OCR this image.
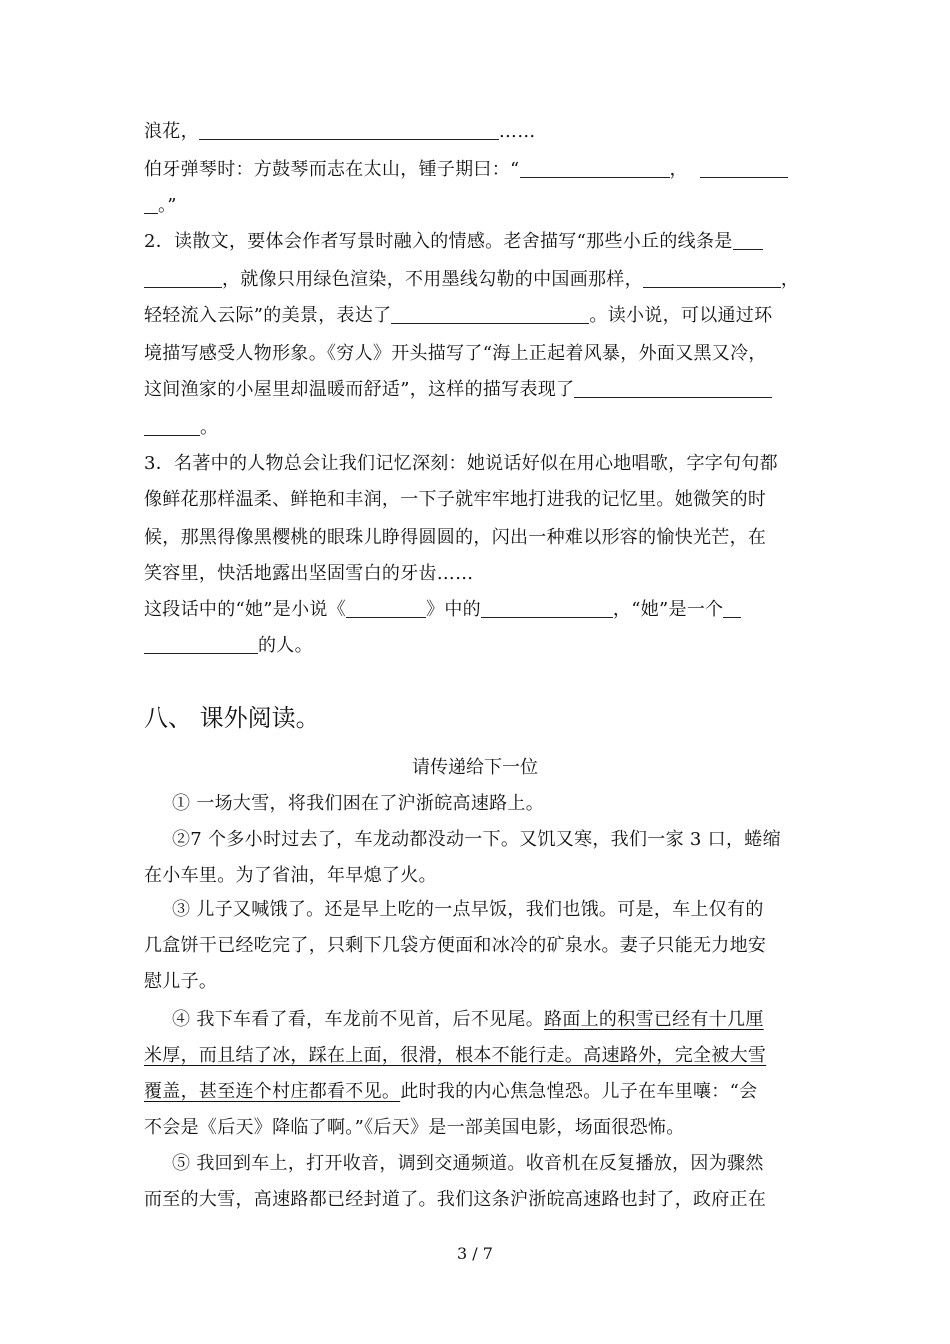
浪花，	……
伯牙弹琴时：方鼓琴而志在太山，锺子期曰：“	，
。”
2．读散文，要体会作者写景时融入的情感。老舍描写“那些小丘的线条是
，就像只用绿色渲染，不用墨线勾勒的中国画那样，	，
轻轻流入云际”的美景，表达了	。读小说，可以通过环
境描写感受人物形象。《穷人》开头描写了“海上正起着风暴，外面又黑又冷，
这间渔家的小屋里却温暖而舒适”，这样的描写表现了
。
3．名著中的人物总会让我们记忆深刻：她说话好似在用心地唱歌，字字句句都
像鲜花那样温柔、鲜艳和丰润，一下子就牢牢地打进我的记忆里。她微笑的时
候，那黑得像黑樱桃的眼珠儿睁得圆圆的，闪出一种难以形容的愉快光芒，在
笑容里，快活地露出坚固雪白的牙齿……
这段话中的“她”是小说《	》中的	，“她”是一个
的人。
八、 课外阅读。
请传递给下一位
① 一场大雪，将我们困在了沪浙皖高速路上。
②7 个多小时过去了，车龙动都没动一下。又饥又寒，我们一家 3 口，蜷缩
在小车里。为了省油，年早熄了火。
③ 儿子又喊饿了。还是早上吃的一点早饭，我们也饿。可是，车上仅有的
几盒饼干已经吃完了，只剩下几袋方便面和冰冷的矿泉水。妻子只能无力地安
慰儿子。
④ 我下车看了看，车龙前不见首，后不见尾。路面上的积雪已经有十几厘
米厚，而且结了冰，踩在上面，很滑，根本不能行走。高速路外，完全被大雪
覆盖，甚至连个村庄都看不见。此时我的内心焦急惶恐。儿子在车里嚷：“会
不会是《后天》降临了啊。”《后天》是一部美国电影，场面很恐怖。
⑤ 我回到车上，打开收音，调到交通频道。收音机在反复播放，因为骤然
而至的大雪，高速路都已经封道了。我们这条沪浙皖高速路也封了，政府正在
3 / 7
